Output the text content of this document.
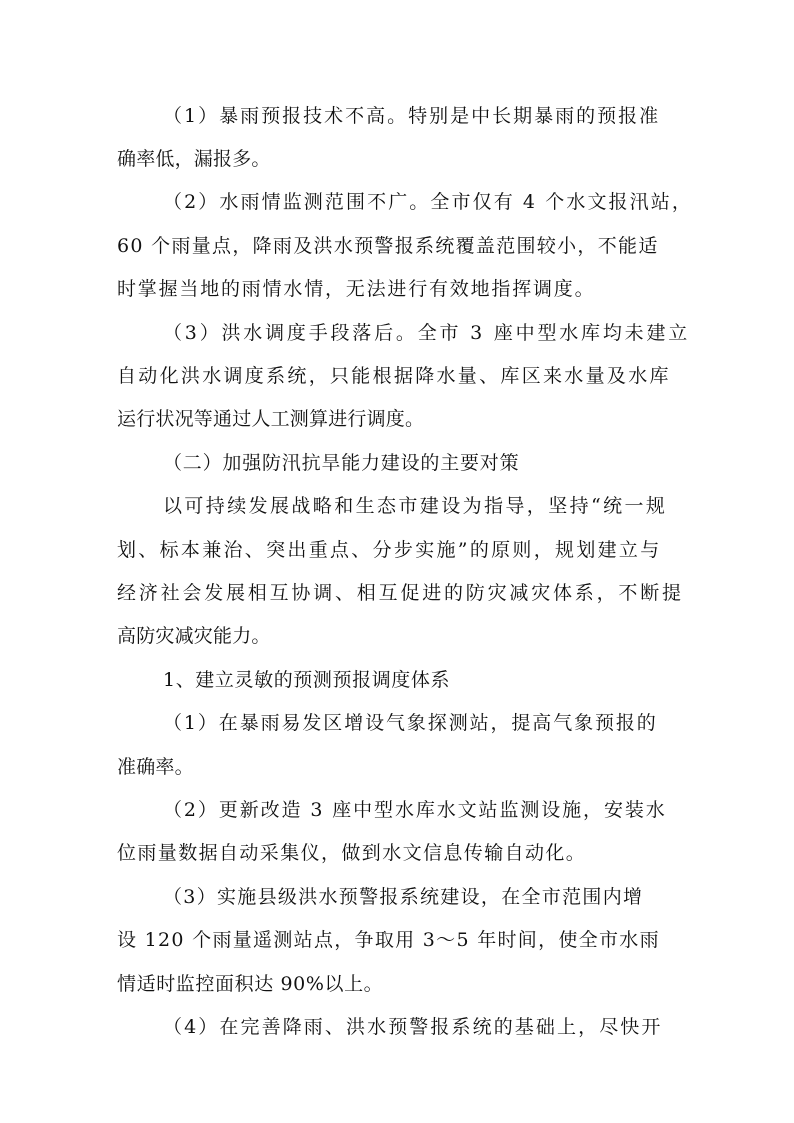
（1）暴雨预报技术不高。特别是中长期暴雨的预报准
确率低，漏报多。
（2）水雨情监测范围不广。全市仅有 4 个水文报汛站，
60 个雨量点，降雨及洪水预警报系统覆盖范围较小，不能适
时掌握当地的雨情水情，无法进行有效地指挥调度。
（3）洪水调度手段落后。全市 3 座中型水库均未建立
自动化洪水调度系统，只能根据降水量、库区来水量及水库
运行状况等通过人工测算进行调度。
（二）加强防汛抗旱能力建设的主要对策
以可持续发展战略和生态市建设为指导，坚持“统一规
划、标本兼治、突出重点、分步实施”的原则，规划建立与
经济社会发展相互协调、相互促进的防灾减灾体系，不断提
高防灾减灾能力。
1、建立灵敏的预测预报调度体系
（1）在暴雨易发区增设气象探测站，提高气象预报的
准确率。
（2）更新改造 3 座中型水库水文站监测设施，安装水
位雨量数据自动采集仪，做到水文信息传输自动化。
（3）实施县级洪水预警报系统建设，在全市范围内增
设 120 个雨量遥测站点，争取用 3～5 年时间，使全市水雨
情适时监控面积达 90%以上。
（4）在完善降雨、洪水预警报系统的基础上，尽快开
